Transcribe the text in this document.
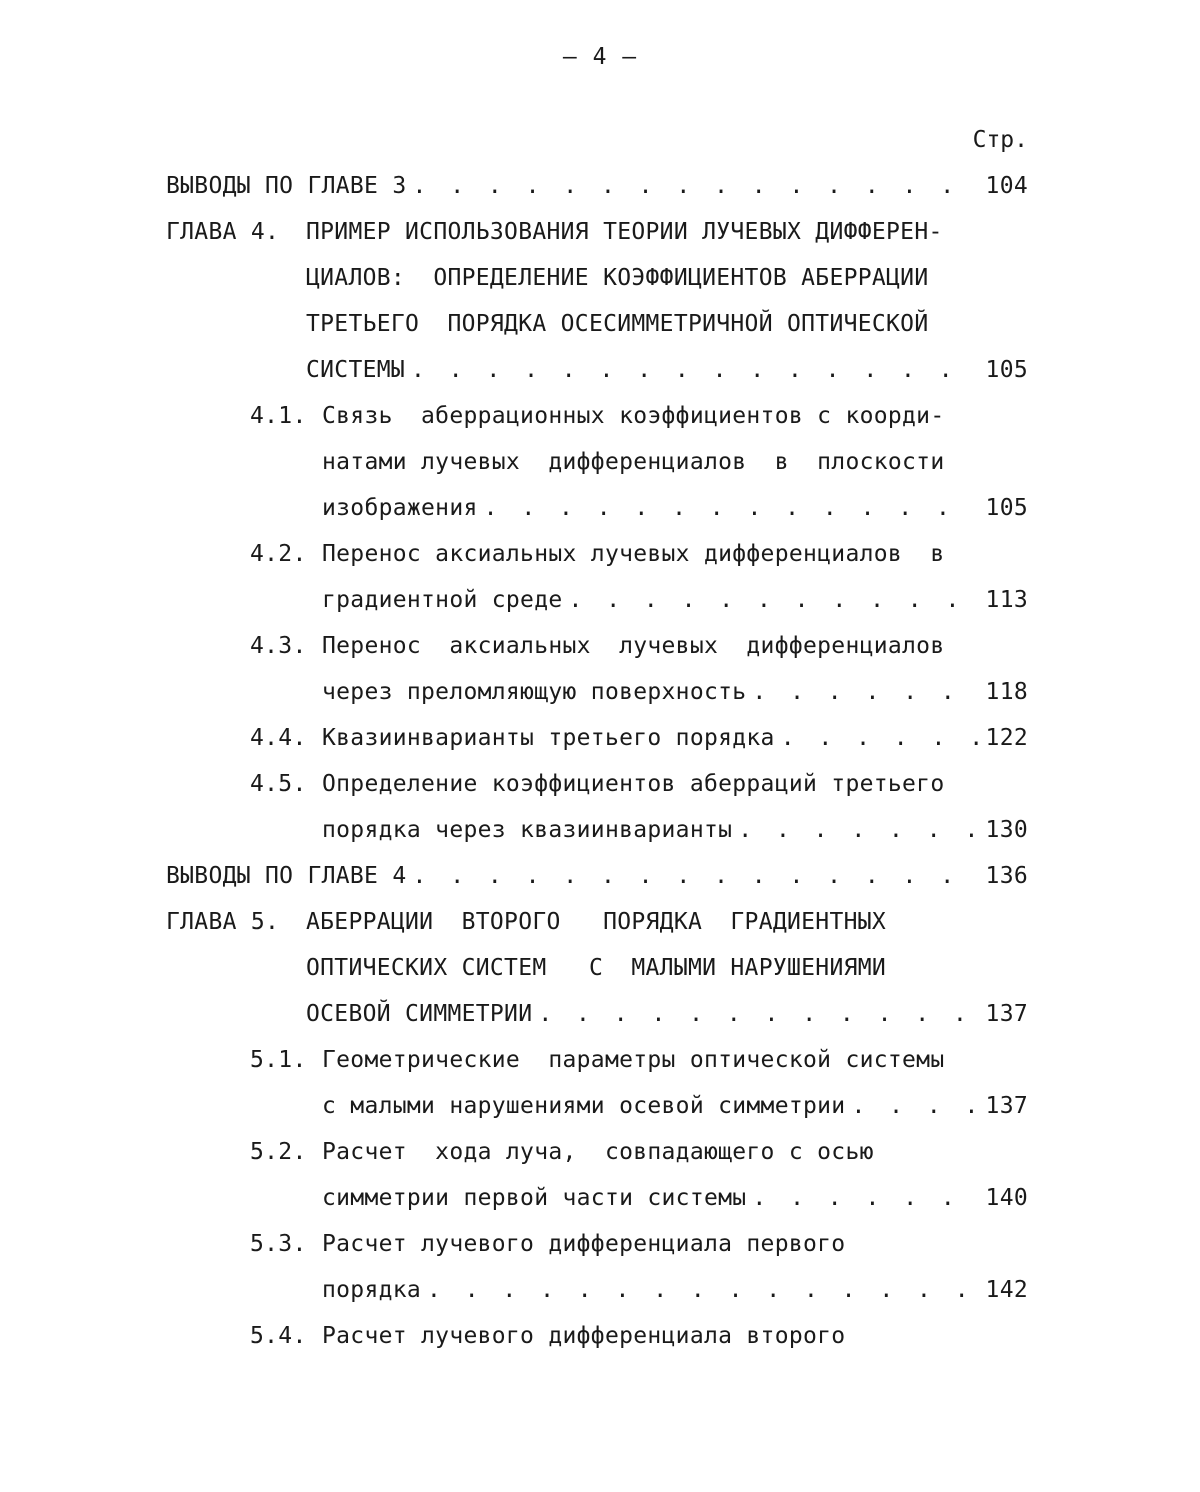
– 4 –
Стр.
ВЫВОДЫ ПО ГЛАВЕ 3 . . .	104
ГЛАВА 4. ПРИМЕР ИСПОЛЬЗОВАНИЯ ТЕОРИИ ЛУЧЕВЫХ ДИФФЕРЕН-
ЦИАЛОВ:  ОПРЕДЕЛЕНИЕ КОЭФФИЦИЕНТОВ АБЕРРАЦИИ
ТРЕТЬЕГО  ПОРЯДКА ОСЕСИММЕТРИЧНОЙ ОПТИЧЕСКОЙ
СИСТЕМЫ . . .	105
4.1. Связь  аберрационных коэффициентов с коорди-
натами лучевых  дифференциалов  в  плоскости
изображения . . .	105
4.2. Перенос аксиальных лучевых дифференциалов  в
градиентной среде . . .	113
4.3. Перенос  аксиальных  лучевых  дифференциалов
через преломляющую поверхность . . .	118
4.4. Квазиинварианты третьего порядка . . .	122
4.5. Определение коэффициентов аберраций третьего
порядка через квазиинварианты . . .	130
ВЫВОДЫ ПО ГЛАВЕ 4 . . .	136
ГЛАВА 5. АБЕРРАЦИИ  ВТОРОГО   ПОРЯДКА  ГРАДИЕНТНЫХ
ОПТИЧЕСКИХ СИСТЕМ   С  МАЛЫМИ НАРУШЕНИЯМИ
ОСЕВОЙ СИММЕТРИИ . . .	137
5.1. Геометрические  параметры оптической системы
с малыми нарушениями осевой симметрии . . .	137
5.2. Расчет  хода луча,  совпадающего с осью
симметрии первой части системы . . .	140
5.3. Расчет лучевого дифференциала первого
порядка . . .	142
5.4. Расчет лучевого дифференциала второго
